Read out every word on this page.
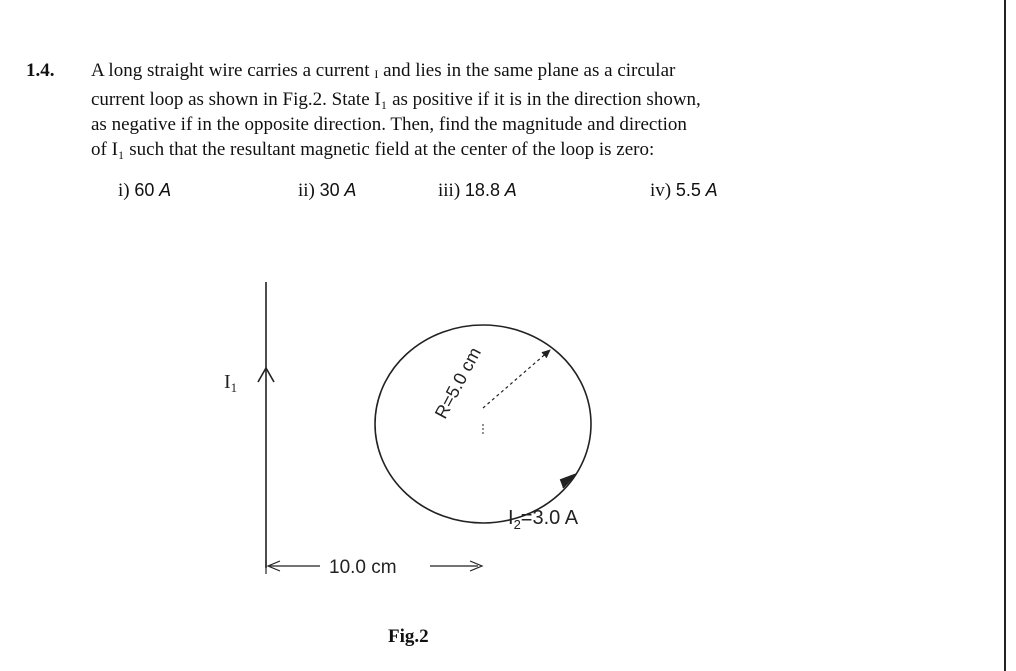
1.4. A long straight wire carries a current I and lies in the same plane as a circular
current loop as shown in Fig.2. State I₁ as positive if it is in the direction shown,
as negative if in the opposite direction. Then, find the magnitude and direction
of I₁ such that the resultant magnetic field at the center of the loop is zero:
i) 60 A	ii) 30 A	iii) 18.8 A	iv) 5.5 A
$I_1$	R=5.0 cm
$I_2=3.0$ A
10.0 cm
Fig.2
